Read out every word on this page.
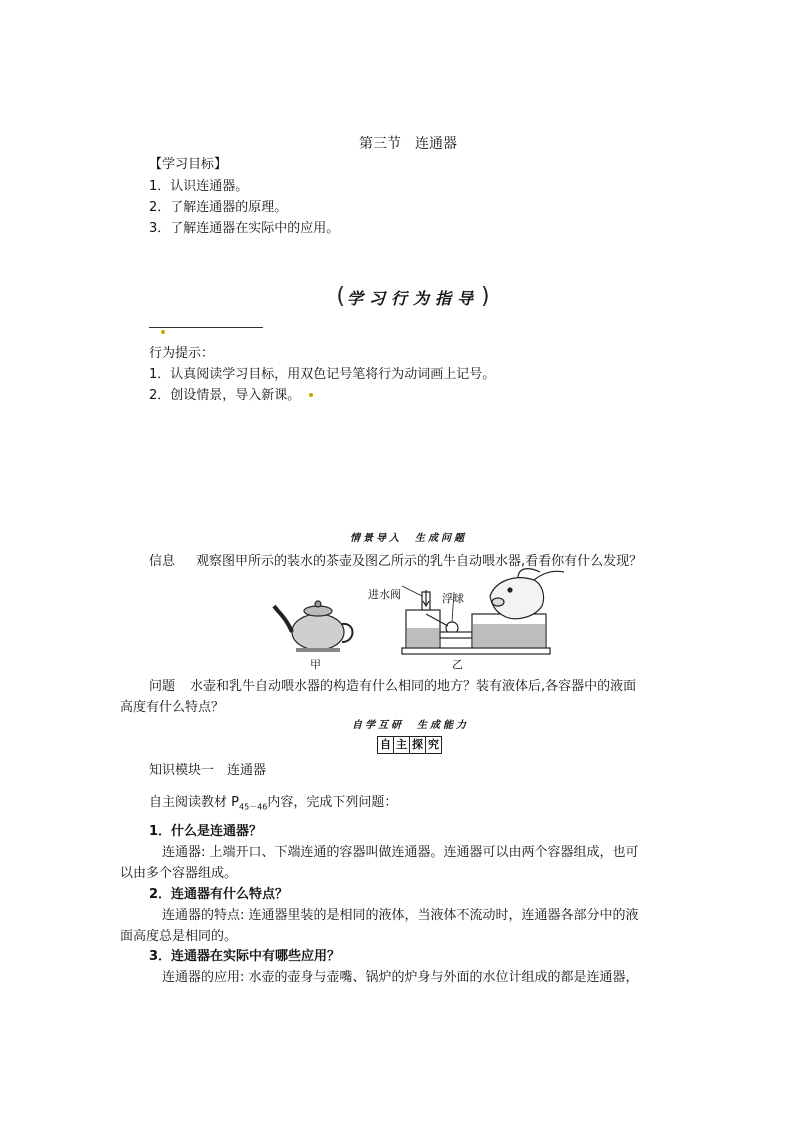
第三节　连通器
【学习目标】
1．认识连通器。
2．了解连通器的原理。
3．了解连通器在实际中的应用。
( 学习行为指导 )
行为提示：
1．认真阅读学习目标，用双色记号笔将行为动词画上记号。
2．创设情景，导入新课。
情景导入　生成问题
信息 观察图甲所示的装水的茶壶及图乙所示的乳牛自动喂水器,看看你有什么发现？
进水阀	浮球
甲	乙
问题 水壶和乳牛自动喂水器的构造有什么相同的地方？装有液体后,各容器中的液面
高度有什么特点？
自学互研　生成能力
自 主 探 究
知识模块一　连通器
自主阅读教材 $P_{45-46}$内容，完成下列问题：
1．什么是连通器？
连通器: 上端开口、下端连通的容器叫做连通器。连通器可以由两个容器组成，也可
以由多个容器组成。
2．连通器有什么特点？
连通器的特点: 连通器里装的是相同的液体，当液体不流动时，连通器各部分中的液
面高度总是相同的。
3．连通器在实际中有哪些应用？
连通器的应用: 水壶的壶身与壶嘴、锅炉的炉身与外面的水位计组成的都是连通器，
